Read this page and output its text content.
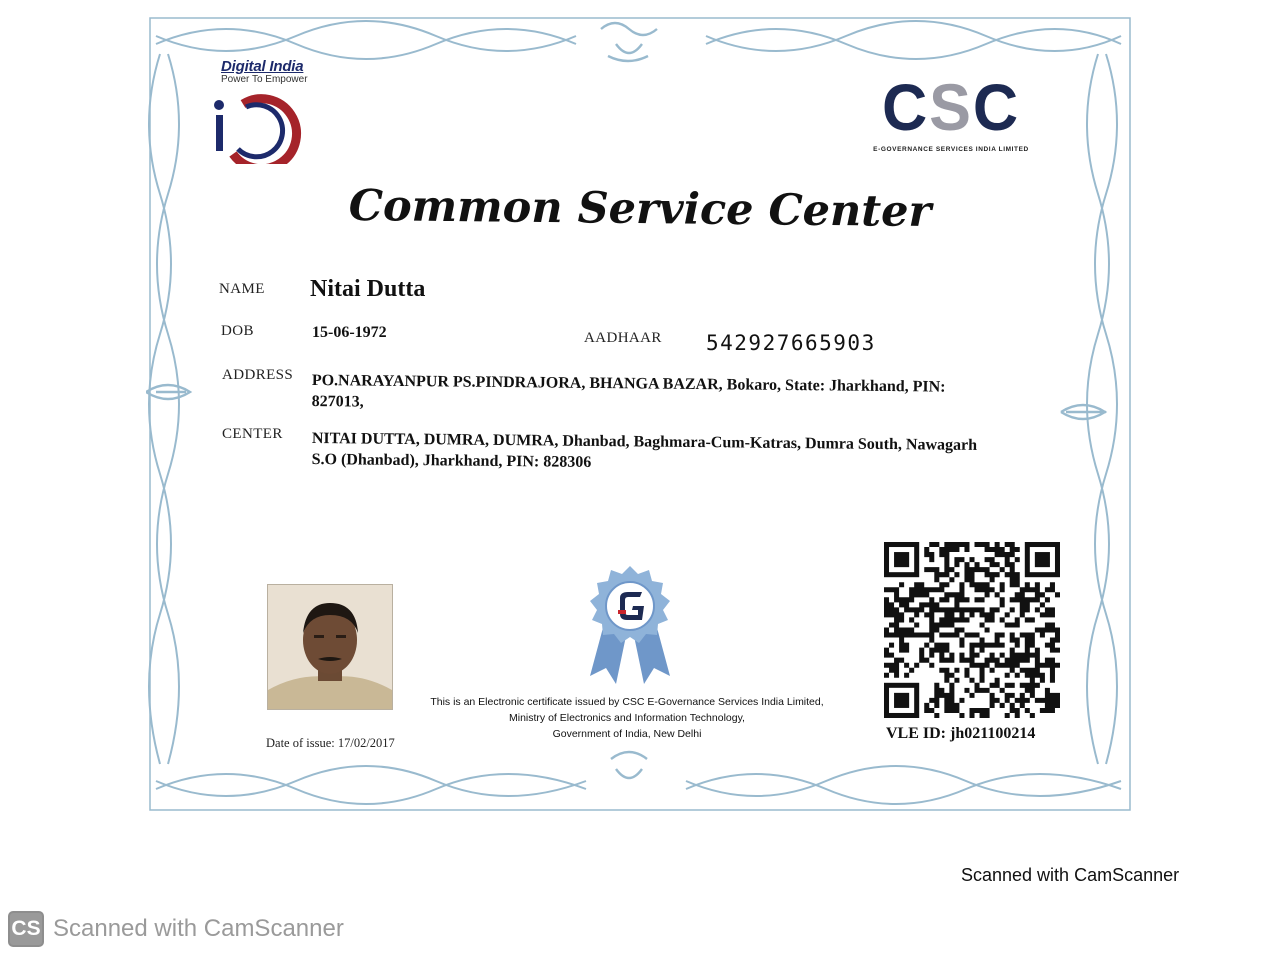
Digital India
Power To Empower	CSC
E-GOVERNANCE SERVICES INDIA LIMITED
Common Service Center
NAME Nitai Dutta
DOB	15-06-1972	AADHAAR 542927665903
ADDRESS PO.NARAYANPUR PS.PINDRAJORA, BHANGA BAZAR, Bokaro, State: Jharkhand, PIN:
827013,
CENTER NITAI DUTTA, DUMRA, DUMRA, Dhanbad, Baghmara-Cum-Katras, Dumra South, Nawagarh
S.O (Dhanbad), Jharkhand, PIN: 828306
Date of issue: 17/02/2017
This is an Electronic certificate issued by CSC E-Governance Services India Limited,
Ministry of Electronics and Information Technology,
Government of India, New Delhi	VLE ID: jh021100214
Scanned with CamScanner
CS Scanned with CamScanner
